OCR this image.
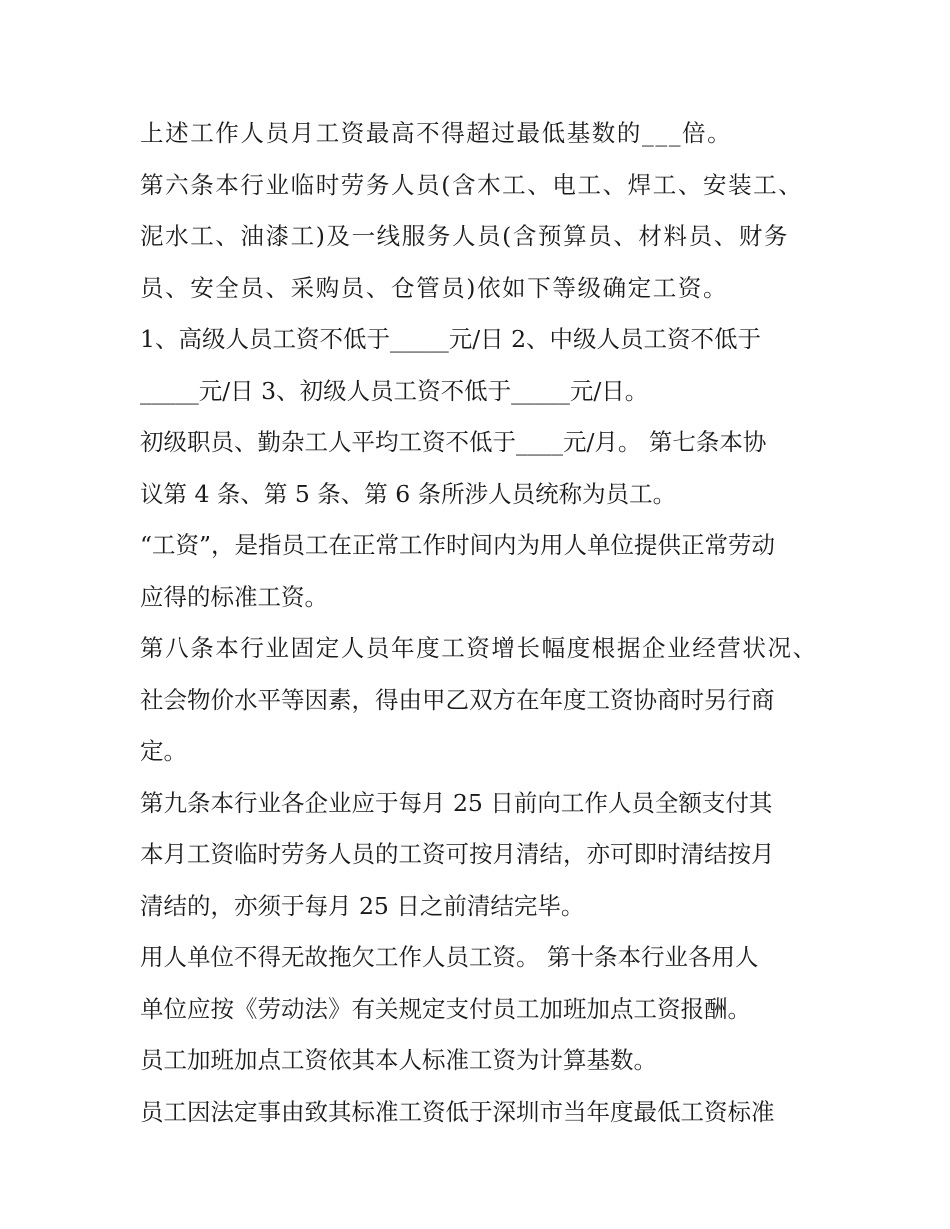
上述工作人员月工资最高不得超过最低基数的___倍。
第六条本行业临时劳务人员(含木工、电工、焊工、安装工、
泥水工、油漆工)及一线服务人员(含预算员、材料员、财务
员、安全员、采购员、仓管员)依如下等级确定工资。
1、高级人员工资不低于_____元/日 2、中级人员工资不低于
_____元/日 3、初级人员工资不低于_____元/日。
初级职员、勤杂工人平均工资不低于____元/月。 第七条本协
议第 4 条、第 5 条、第 6 条所涉人员统称为员工。
“工资”，是指员工在正常工作时间内为用人单位提供正常劳动
应得的标准工资。
第八条本行业固定人员年度工资增长幅度根据企业经营状况、
社会物价水平等因素，得由甲乙双方在年度工资协商时另行商
定。
第九条本行业各企业应于每月 25 日前向工作人员全额支付其
本月工资临时劳务人员的工资可按月清结，亦可即时清结按月
清结的，亦须于每月 25 日之前清结完毕。
用人单位不得无故拖欠工作人员工资。 第十条本行业各用人
单位应按《劳动法》有关规定支付员工加班加点工资报酬。
员工加班加点工资依其本人标准工资为计算基数。
员工因法定事由致其标准工资低于深圳市当年度最低工资标准
